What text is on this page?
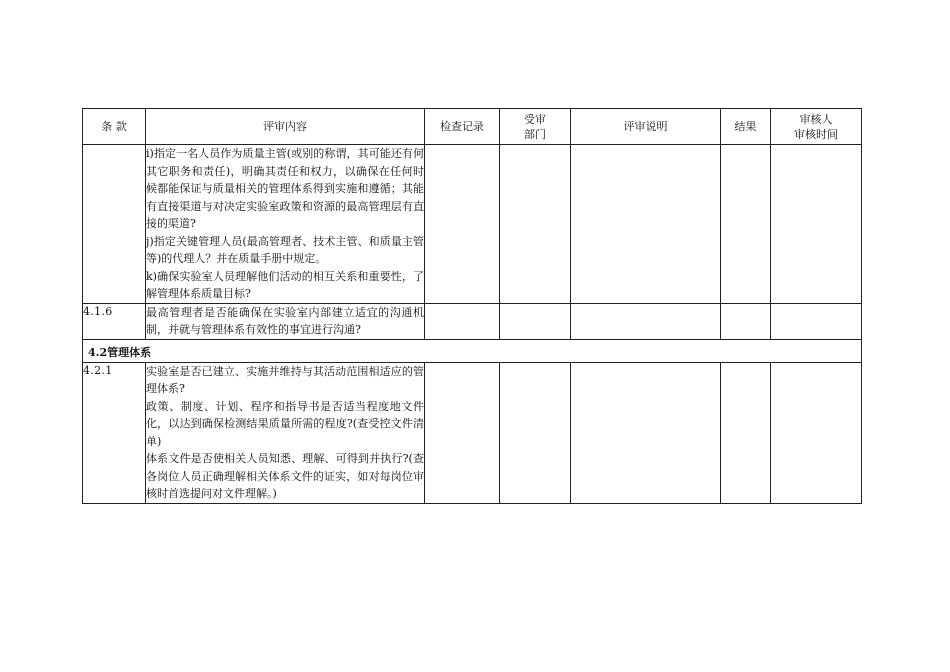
条 款	评审内容	检查记录	受审
部门	评审说明	结果	审核人
审核时间

	i)指定一名人员作为质量主管(或别的称谓，其可能还有何其它职务和责任)，明确其责任和权力，以确保在任何时候都能保证与质量相关的管理体系得到实施和遵循；其能有直接渠道与对决定实验室政策和资源的最高管理层有直接的渠道?

j)指定关键管理人员(最高管理者、技术主管、和质量主管等)的代理人？并在质量手册中规定。

k)确保实验室人员理解他们活动的相互关系和重要性，了解管理体系质量目标?					

4.1.6	最高管理者是否能确保在实验室内部建立适宜的沟通机制，并就与管理体系有效性的事宜进行沟通?					

4.2管理体系						
4.2.1	实验室是否已建立、实施并维持与其活动范围相适应的管理体系?

政策、制度、计划、程序和指导书是否适当程度地文件化，以达到确保检测结果质量所需的程度?(查受控文件清单)

体系文件是否使相关人员知悉、理解、可得到并执行?(查各岗位人员正确理解相关体系文件的证实，如对每岗位审核时首选提问对文件理解。)					
